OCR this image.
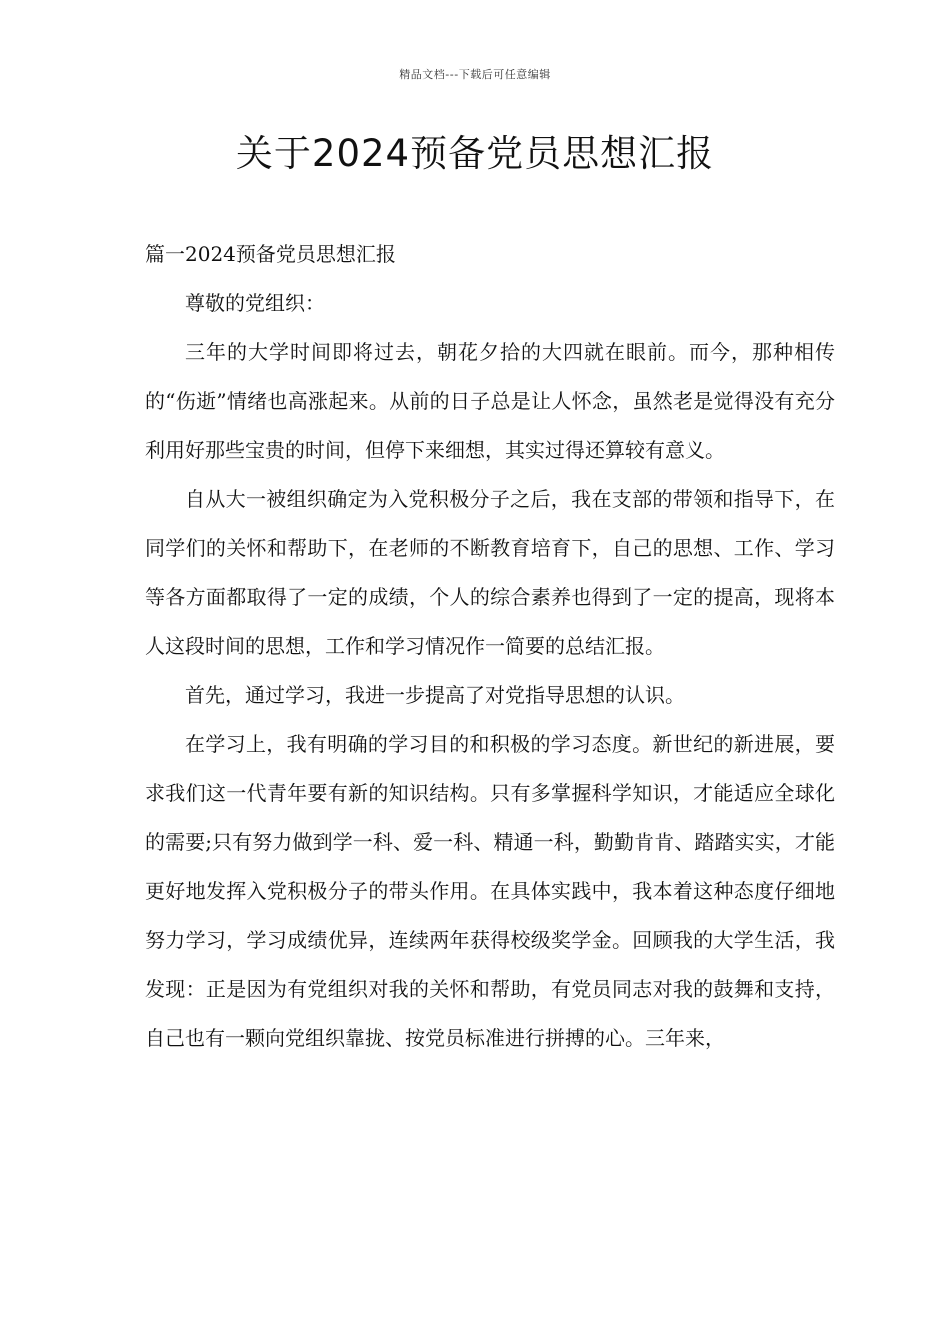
精品文档---下载后可任意编辑
关于2024预备党员思想汇报

篇一2024预备党员思想汇报

尊敬的党组织：

三年的大学时间即将过去，朝花夕拾的大四就在眼前。而今，那种相传的“伤逝”情绪也高涨起来。从前的日子总是让人怀念，虽然老是觉得没有充分利用好那些宝贵的时间，但停下来细想，其实过得还算较有意义。

自从大一被组织确定为入党积极分子之后，我在支部的带领和指导下，在同学们的关怀和帮助下，在老师的不断教育培育下，自己的思想、工作、学习等各方面都取得了一定的成绩，个人的综合素养也得到了一定的提高，现将本人这段时间的思想，工作和学习情况作一简要的总结汇报。

首先，通过学习，我进一步提高了对党指导思想的认识。

在学习上，我有明确的学习目的和积极的学习态度。新世纪的新进展，要求我们这一代青年要有新的知识结构。只有多掌握科学知识，才能适应全球化的需要;只有努力做到学一科、爱一科、精通一科，勤勤肯肯、踏踏实实，才能更好地发挥入党积极分子的带头作用。在具体实践中，我本着这种态度仔细地努力学习，学习成绩优异，连续两年获得校级奖学金。回顾我的大学生活，我发现：正是因为有党组织对我的关怀和帮助，有党员同志对我的鼓舞和支持，自己也有一颗向党组织靠拢、按党员标准进行拼搏的心。三年来，
